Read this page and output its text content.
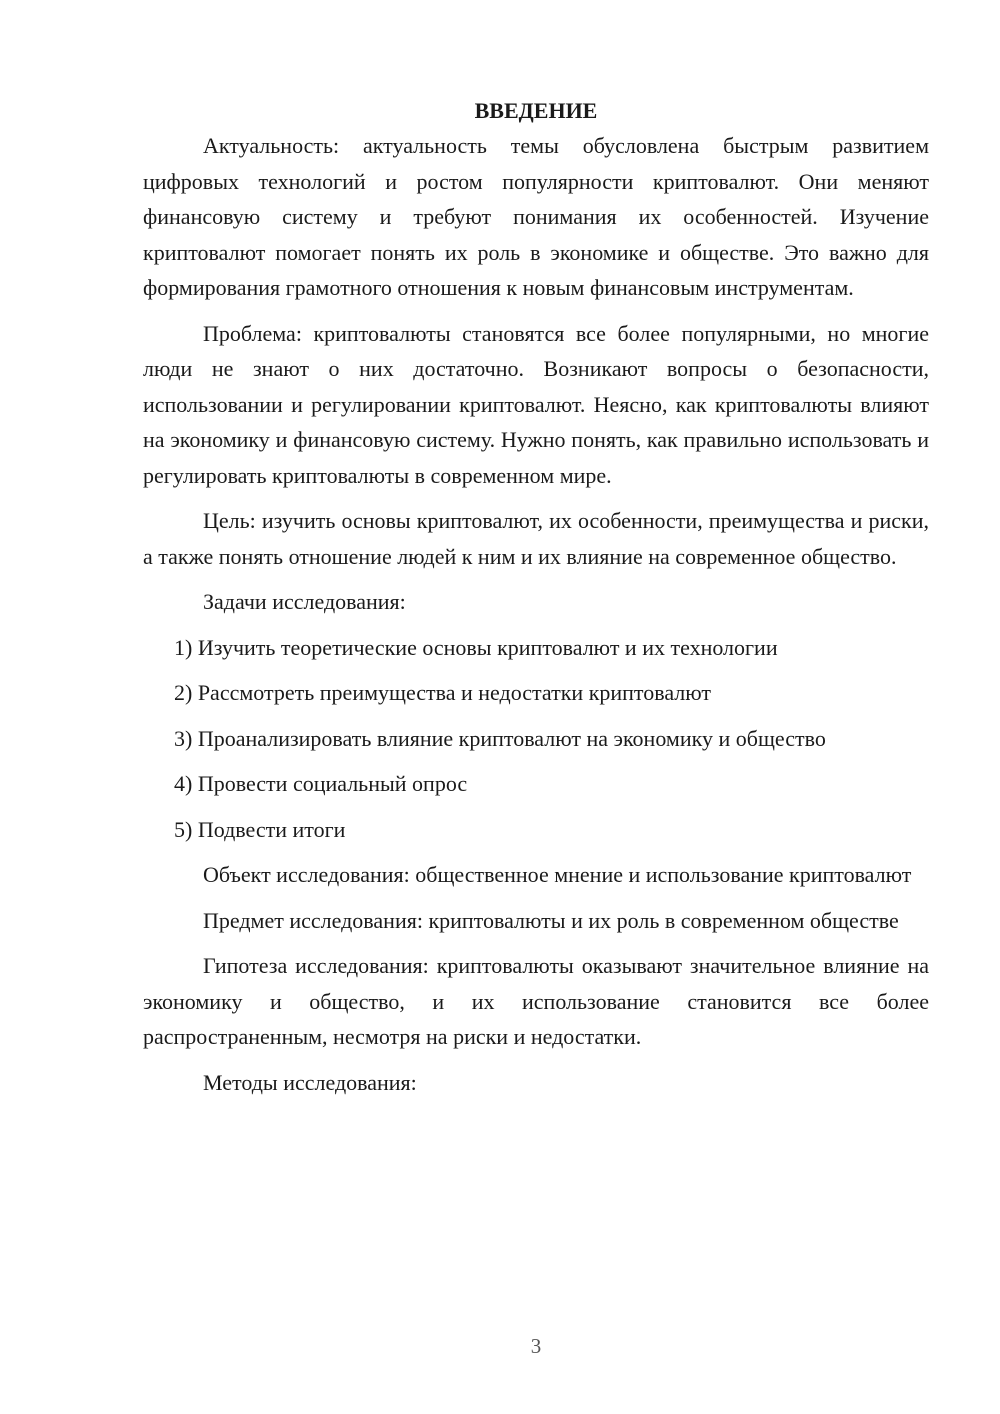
ВВЕДЕНИЕ

Актуальность: актуальность темы обусловлена быстрым развитием цифровых технологий и ростом популярности криптовалют. Они меняют финансовую систему и требуют понимания их особенностей. Изучение криптовалют помогает понять их роль в экономике и обществе. Это важно для формирования грамотного отношения к новым финансовым инструментам.

Проблема: криптовалюты становятся все более популярными, но многие люди не знают о них достаточно. Возникают вопросы о безопасности, использовании и регулировании криптовалют. Неясно, как криптовалюты влияют на экономику и финансовую систему. Нужно понять, как правильно использовать и регулировать криптовалюты в современном мире.

Цель: изучить основы криптовалют, их особенности, преимущества и риски, а также понять отношение людей к ним и их влияние на современное общество.

Задачи исследования:

1) Изучить теоретические основы криптовалют и их технологии
2) Рассмотреть преимущества и недостатки криптовалют
3) Проанализировать влияние криптовалют на экономику и общество
4) Провести социальный опрос
5) Подвести итоги

Объект исследования: общественное мнение и использование криптовалют

Предмет исследования: криптовалюты и их роль в современном обществе

Гипотеза исследования: криптовалюты оказывают значительное влияние на экономику и общество, и их использование становится все более распространенным, несмотря на риски и недостатки.

Методы исследования:

3
